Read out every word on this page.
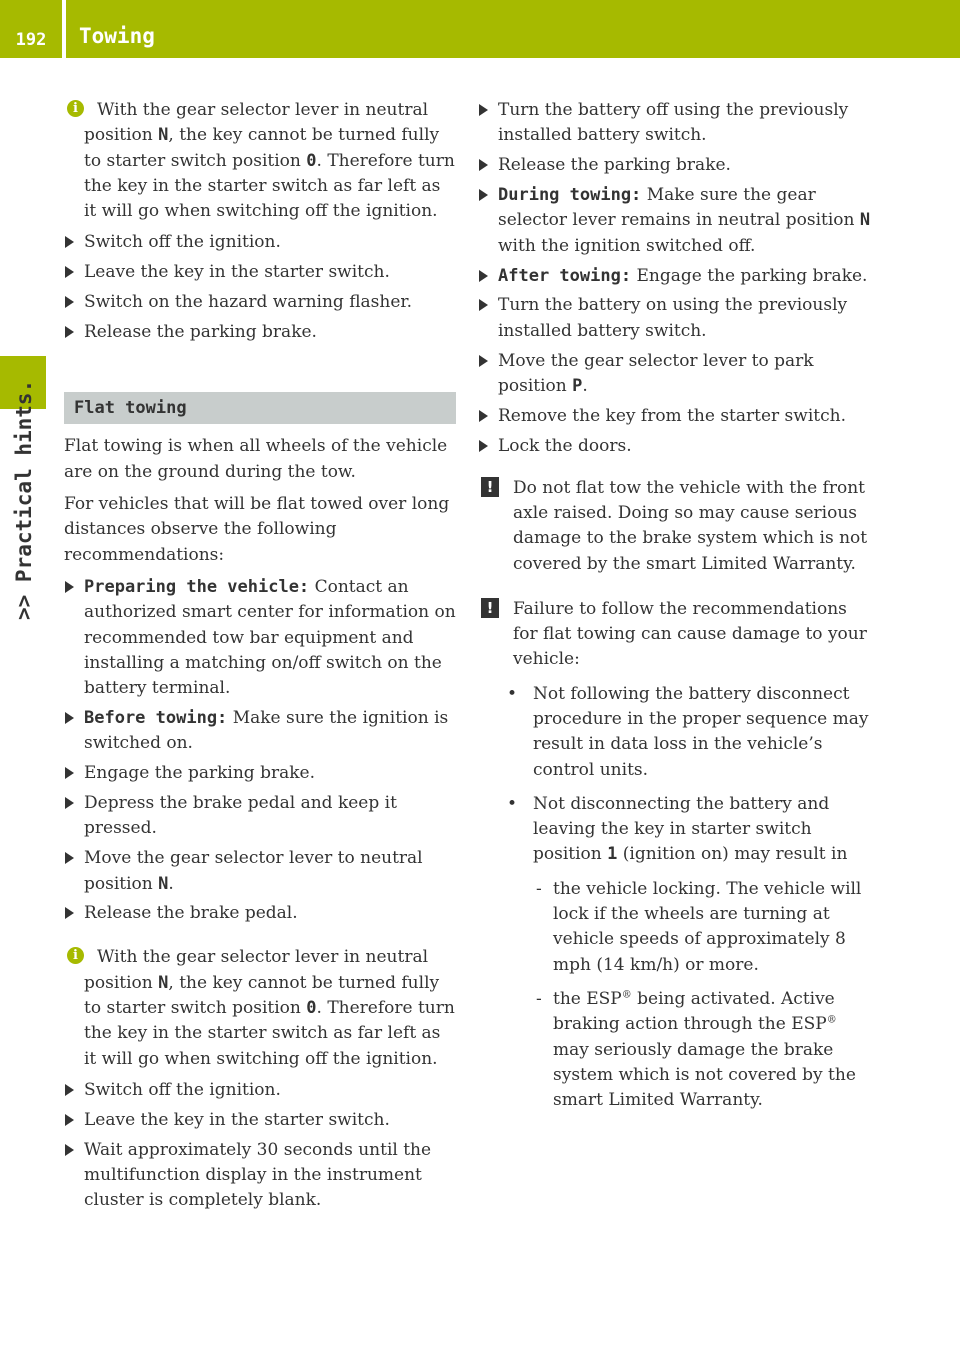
192	Towing
>> Practical hints.
i	With the gear selector lever in neutral position N, the key cannot be turned fully to starter switch position 0. Therefore turn the key in the starter switch as far left as it will go when switching off the ignition.
Switch off the ignition.
Leave the key in the starter switch.
Switch on the hazard warning flasher.
Release the parking brake.
Flat towing
Flat towing is when all wheels of the vehicle are on the ground during the tow.
For vehicles that will be flat towed over long distances observe the following recommendations:
Preparing the vehicle: Contact an authorized smart center for information on recommended tow bar equipment and installing a matching on/off switch on the battery terminal.
Before towing: Make sure the ignition is switched on.
Engage the parking brake.
Depress the brake pedal and keep it pressed.
Move the gear selector lever to neutral position N.
Release the brake pedal.
i	With the gear selector lever in neutral position N, the key cannot be turned fully to starter switch position 0. Therefore turn the key in the starter switch as far left as it will go when switching off the ignition.
Switch off the ignition.
Leave the key in the starter switch.
Wait approximately 30 seconds until the multifunction display in the instrument cluster is completely blank.
Turn the battery off using the previously installed battery switch.
Release the parking brake.
During towing: Make sure the gear selector lever remains in neutral position N with the ignition switched off.
After towing: Engage the parking brake.
Turn the battery on using the previously installed battery switch.
Move the gear selector lever to park position P.
Remove the key from the starter switch.
Lock the doors.
! Do not flat tow the vehicle with the front axle raised. Doing so may cause serious damage to the brake system which is not covered by the smart Limited Warranty.
! Failure to follow the recommendations for flat towing can cause damage to your vehicle:
• Not following the battery disconnect procedure in the proper sequence may result in data loss in the vehicle’s control units.
• Not disconnecting the battery and leaving the key in starter switch position 1 (ignition on) may result in
- the vehicle locking. The vehicle will lock if the wheels are turning at vehicle speeds of approximately 8 mph (14 km/h) or more.
- the ESP® being activated. Active braking action through the ESP® may seriously damage the brake system which is not covered by the smart Limited Warranty.
